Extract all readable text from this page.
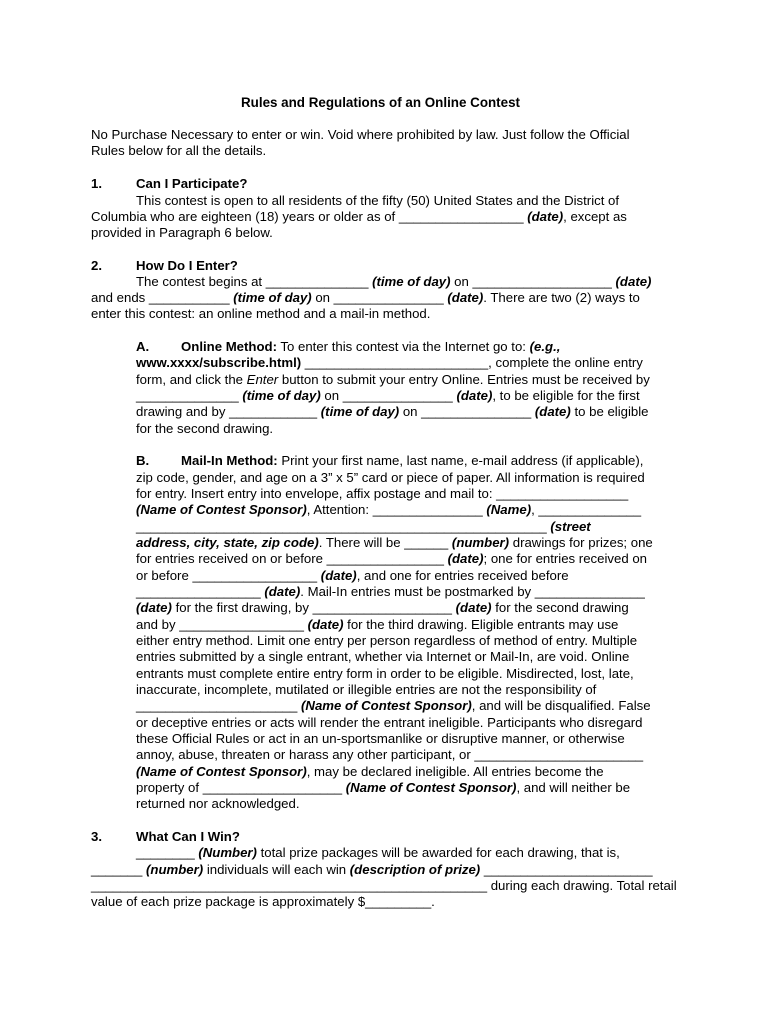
Rules and Regulations of an Online Contest
No Purchase Necessary to enter or win. Void where prohibited by law. Just follow the Official
Rules below for all the details.
1.	Can I Participate?
This contest is open to all residents of the fifty (50) United States and the District of
Columbia who are eighteen (18) years or older as of _________________ (date), except as
provided in Paragraph 6 below.
2.	How Do I Enter?
The contest begins at ______________ (time of day) on ___________________ (date)
and ends ___________ (time of day) on _______________ (date). There are two (2) ways to
enter this contest: an online method and a mail-in method.
A. Online Method: To enter this contest via the Internet go to: (e.g.,
www.xxxx/subscribe.html) _________________________, complete the online entry
form, and click the Enter button to submit your entry Online. Entries must be received by
______________ (time of day) on _______________ (date), to be eligible for the first
drawing and by ____________ (time of day) on _______________ (date) to be eligible
for the second drawing.
B. Mail-In Method: Print your first name, last name, e-mail address (if applicable),
zip code, gender, and age on a 3” x 5” card or piece of paper. All information is required
for entry. Insert entry into envelope, affix postage and mail to: __________________
(Name of Contest Sponsor), Attention: _______________ (Name), ______________
________________________________________________________ (street
address, city, state, zip code). There will be ______ (number) drawings for prizes; one
for entries received on or before ________________ (date); one for entries received on
or before _________________ (date), and one for entries received before
_________________ (date). Mail-In entries must be postmarked by _______________
(date) for the first drawing, by ___________________ (date) for the second drawing
and by _________________ (date) for the third drawing. Eligible entrants may use
either entry method. Limit one entry per person regardless of method of entry. Multiple
entries submitted by a single entrant, whether via Internet or Mail-In, are void. Online
entrants must complete entire entry form in order to be eligible. Misdirected, lost, late,
inaccurate, incomplete, mutilated or illegible entries are not the responsibility of
______________________ (Name of Contest Sponsor), and will be disqualified. False
or deceptive entries or acts will render the entrant ineligible. Participants who disregard
these Official Rules or act in an un-sportsmanlike or disruptive manner, or otherwise
annoy, abuse, threaten or harass any other participant, or _______________________
(Name of Contest Sponsor), may be declared ineligible. All entries become the
property of ___________________ (Name of Contest Sponsor), and will neither be
returned nor acknowledged.
3.	What Can I Win?
________ (Number) total prize packages will be awarded for each drawing, that is,
_______ (number) individuals will each win (description of prize) _______________________
______________________________________________________ during each drawing. Total retail
value of each prize package is approximately $_________.
